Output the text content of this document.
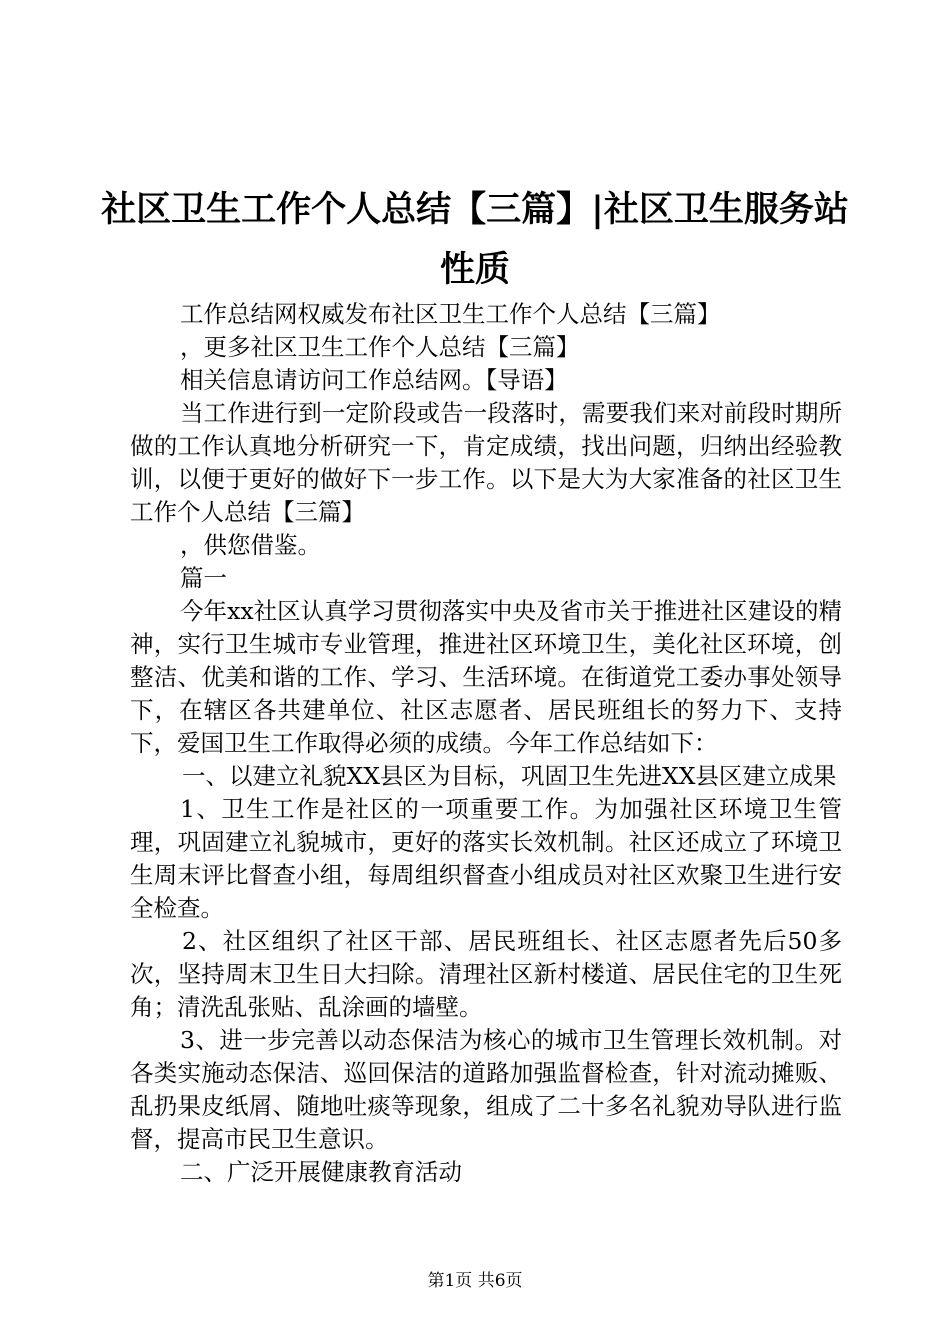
社区卫生工作个人总结【三篇】|社区卫生服务站性质

工作总结网权威发布社区卫生工作个人总结【三篇】

，更多社区卫生工作个人总结【三篇】

相关信息请访问工作总结网。【导语】

当工作进行到一定阶段或告一段落时，需要我们来对前段时期所做的工作认真地分析研究一下，肯定成绩，找出问题，归纳出经验教训，以便于更好的做好下一步工作。以下是大为大家准备的社区卫生工作个人总结【三篇】

，供您借鉴。

篇一

今年xx社区认真学习贯彻落实中央及省市关于推进社区建设的精神，实行卫生城市专业管理，推进社区环境卫生，美化社区环境，创整洁、优美和谐的工作、学习、生活环境。在街道党工委办事处领导下，在辖区各共建单位、社区志愿者、居民班组长的努力下、支持下，爱国卫生工作取得必须的成绩。今年工作总结如下：

一、以建立礼貌XX县区为目标，巩固卫生先进XX县区建立成果

1、卫生工作是社区的一项重要工作。为加强社区环境卫生管理，巩固建立礼貌城市，更好的落实长效机制。社区还成立了环境卫生周末评比督查小组，每周组织督查小组成员对社区欢聚卫生进行安全检查。

2、社区组织了社区干部、居民班组长、社区志愿者先后50多次，坚持周末卫生日大扫除。清理社区新村楼道、居民住宅的卫生死角；清洗乱张贴、乱涂画的墙壁。

3、进一步完善以动态保洁为核心的城市卫生管理长效机制。对各类实施动态保洁、巡回保洁的道路加强监督检查，针对流动摊贩、乱扔果皮纸屑、随地吐痰等现象，组成了二十多名礼貌劝导队进行监督，提高市民卫生意识。

二、广泛开展健康教育活动

第1页 共6页
